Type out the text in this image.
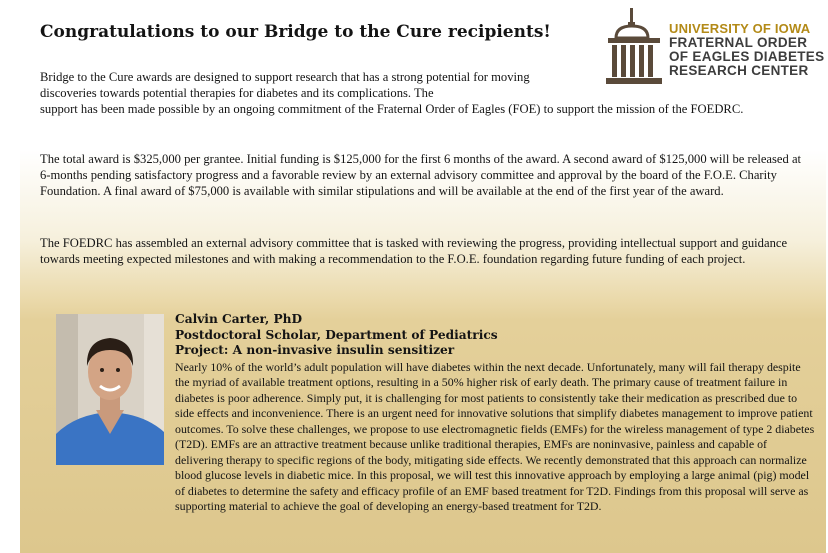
Congratulations to our Bridge to the Cure recipients!	UNIVERSITY OF IOWA
FRATERNAL ORDER
OF EAGLES DIABETES
RESEARCH CENTER
Bridge to the Cure awards are designed to support research that has a strong potential for moving discoveries towards potential therapies for diabetes and its complications. The
support has been made possible by an ongoing commitment of the Fraternal Order of Eagles (FOE) to support the mission of the FOEDRC.
The total award is $325,000 per grantee. Initial funding is $125,000 for the first 6 months of the award. A second award of $125,000 will be released at 6-months pending satisfactory progress and a favorable review by an external advisory committee and approval by the board of the F.O.E. Charity Foundation. A final award of $75,000 is available with similar stipulations and will be available at the end of the first year of the award.
The FOEDRC has assembled an external advisory committee that is tasked with reviewing the progress, providing intellectual support and guidance towards meeting expected milestones and with making a recommendation to the F.O.E. foundation regarding future funding of each project.
Calvin Carter, PhD
Postdoctoral Scholar, Department of Pediatrics
Project: A non-invasive insulin sensitizer
Nearly 10% of the world’s adult population will have diabetes within the next decade. Unfortunately, many will fail therapy despite the myriad of available treatment options, resulting in a 50% higher risk of early death. The primary cause of treatment failure in diabetes is poor adherence. Simply put, it is challenging for most patients to consistently take their medication as prescribed due to side effects and inconvenience. There is an urgent need for innovative solutions that simplify diabetes management to improve patient outcomes. To solve these challenges, we propose to use electromagnetic fields (EMFs) for the wireless management of type 2 diabetes (T2D). EMFs are an attractive treatment because unlike traditional therapies, EMFs are noninvasive, painless and capable of delivering therapy to specific regions of the body, mitigating side effects. We recently demonstrated that this approach can normalize blood glucose levels in diabetic mice. In this proposal, we will test this innovative approach by employing a large animal (pig) model of diabetes to determine the safety and efficacy profile of an EMF based treatment for T2D. Findings from this proposal will serve as supporting material to achieve the goal of developing an energy-based treatment for T2D.
